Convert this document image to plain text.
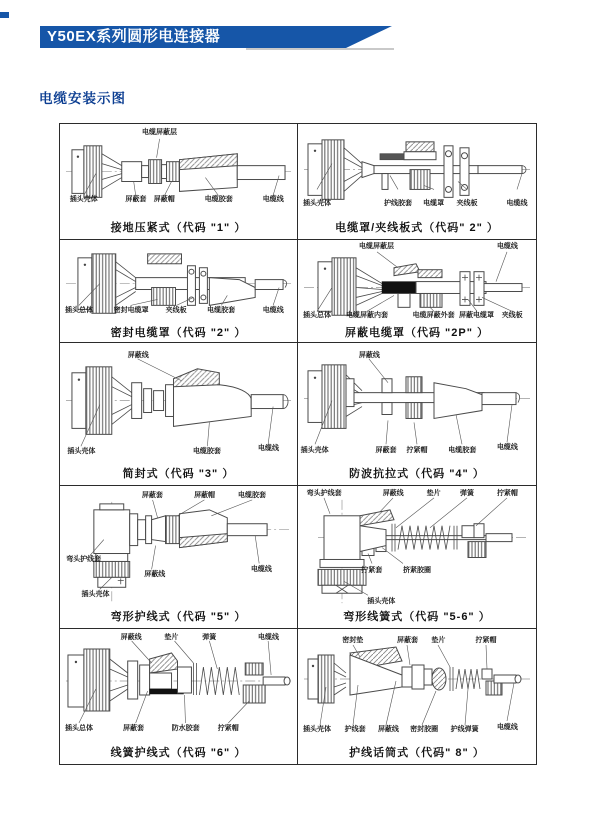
Y50EX系列圆形电连接器
电缆安装示图
电缆屏蔽层
插头壳体	屏蔽套 屏蔽帽	电缆胶套	电缆线
接地压紧式（代码 "1" ）
插头壳体	护线胶套 电缆罩 夹线板	电缆线
电缆罩/夹线板式（代码" 2" ）
插头总体	密封电缆罩 夹线板	电缆胶套	电缆线
密封电缆罩（代码 "2" ）
电缆屏蔽层	电缆线
插头总体 电缆屏蔽内套	电缆屏蔽外套 屏蔽电缆罩 夹线板
屏蔽电缆罩（代码 "2P" ）
屏蔽线
插头壳体	电缆胶套	电缆线
简封式（代码 "3" ）
屏蔽线
插头壳体	屏蔽套 拧紧帽	电缆胶套	电缆线
防波抗拉式（代码 "4" ）
屏蔽套	屏蔽帽	电缆胶套
弯头护线套
插头壳体
屏蔽线
电缆线
弯形护线式（代码 "5" ）
弯头护线套	屏蔽线	垫片	弹簧	拧紧帽
拧紧套	挤紧胶圈
插头壳体
弯形线簧式（代码 "5-6" ）
屏蔽线	垫片	弹簧	电缆线
插头总体	屏蔽套	防水胶套	拧紧帽
线簧护线式（代码 "6" ）
密封垫	屏蔽套 垫片	拧紧帽
插头壳体 护线套 屏蔽线 密封胶圈 护线弹簧	电缆线
护线话筒式（代码" 8" ）
